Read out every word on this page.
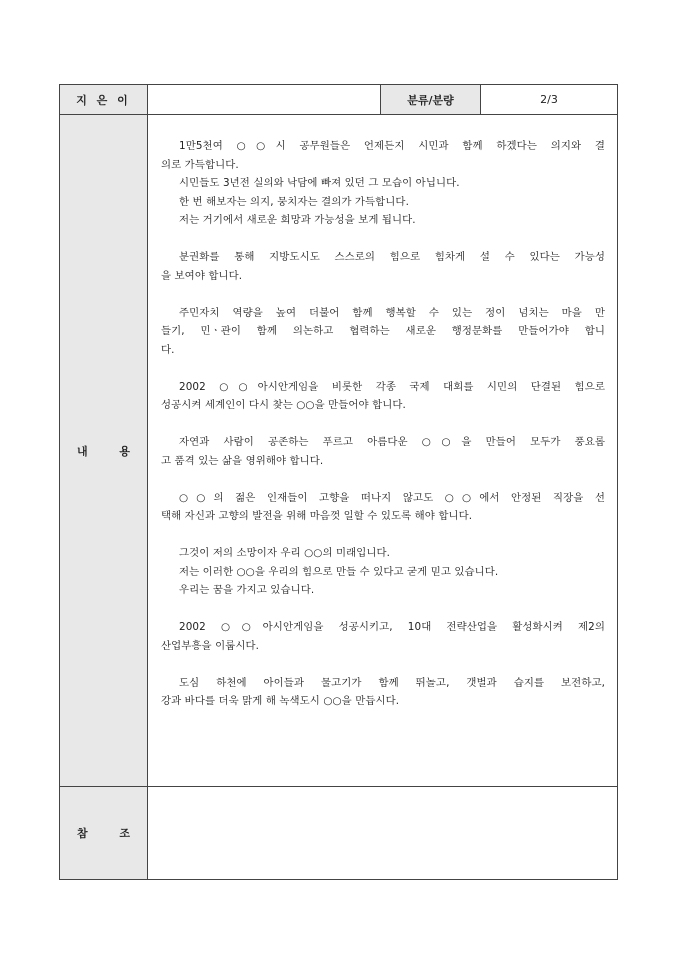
지 은 이	분류/분량	2/3
내 용
1만5천여 ○○시 공무원들은 언제든지 시민과 함께 하겠다는 의지와 결
의로 가득합니다.
시민들도 3년전 실의와 낙담에 빠져 있던 그 모습이 아닙니다.
한 번 해보자는 의지, 뭉치자는 결의가 가득합니다.
저는 거기에서 새로운 희망과 가능성을 보게 됩니다.
분권화를 통해 지방도시도 스스로의 힘으로 힘차게 설 수 있다는 가능성
을 보여야 합니다.
주민자치 역량을 높여 더불어 함께 행복할 수 있는 정이 넘치는 마을 만
들기, 민ㆍ관이 함께 의논하고 협력하는 새로운 행정문화를 만들어가야 합니
다.
2002 ○○아시안게임을 비롯한 각종 국제 대회를 시민의 단결된 힘으로
성공시켜 세계인이 다시 찾는 ○○을 만들어야 합니다.
자연과 사람이 공존하는 푸르고 아름다운 ○○을 만들어 모두가 풍요롭
고 품격 있는 삶을 영위해야 합니다.
○○의 젊은 인재들이 고향을 떠나지 않고도 ○○에서 안정된 직장을 선
택해 자신과 고향의 발전을 위해 마음껏 일할 수 있도록 해야 합니다.
그것이 저의 소망이자 우리 ○○의 미래입니다.
저는 이러한 ○○을 우리의 힘으로 만들 수 있다고 굳게 믿고 있습니다.
우리는 꿈을 가지고 있습니다.
2002 ○○아시안게임을 성공시키고, 10대 전략산업을 활성화시켜 제2의
산업부흥을 이룹시다.
도심 하천에 아이들과 물고기가 함께 뛰놀고, 갯벌과 습지를 보전하고,
강과 바다를 더욱 맑게 해 녹색도시 ○○을 만듭시다.
참 조
